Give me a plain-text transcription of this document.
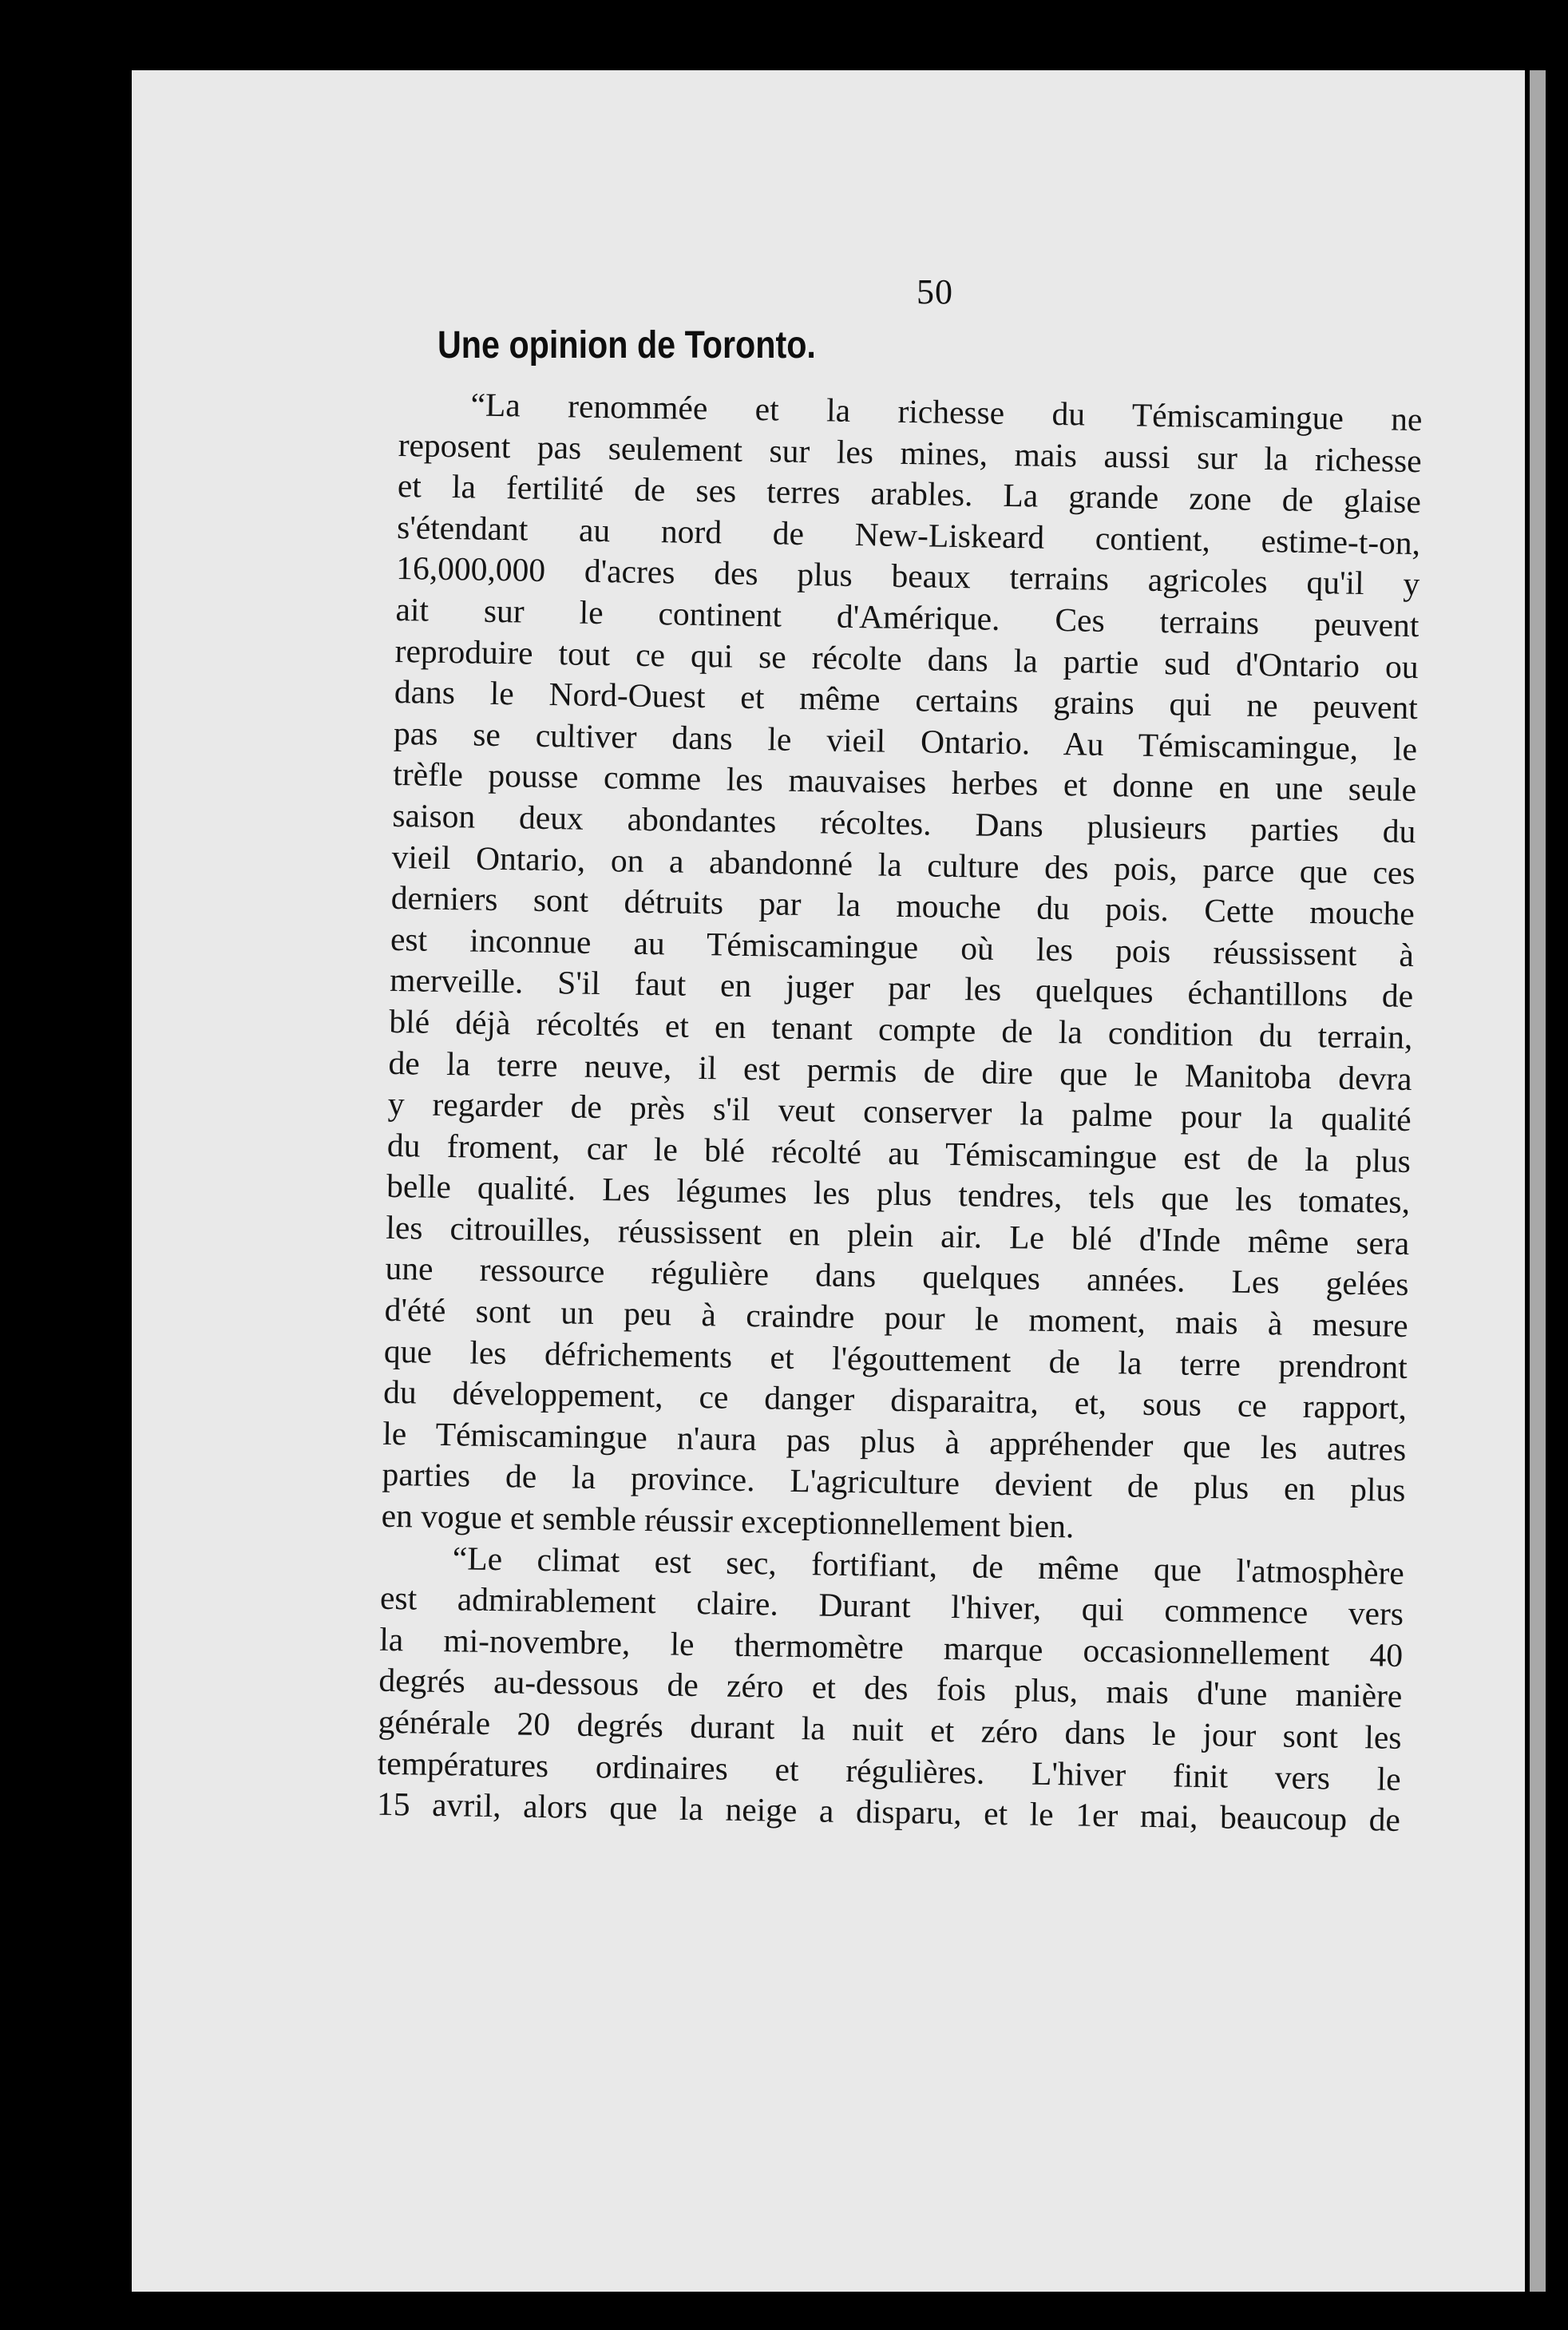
50
Une opinion de Toronto.
“La renommée et la richesse du Témiscamingue ne
reposent pas seulement sur les mines, mais aussi sur la richesse
et la fertilité de ses terres arables. La grande zone de glaise
s'étendant au nord de New-Liskeard contient, estime-t-on,
16,000,000 d'acres des plus beaux terrains agricoles qu'il y
ait sur le continent d'Amérique. Ces terrains peuvent
reproduire tout ce qui se récolte dans la partie sud d'Ontario ou
dans le Nord-Ouest et même certains grains qui ne peuvent
pas se cultiver dans le vieil Ontario. Au Témiscamingue, le
trèfle pousse comme les mauvaises herbes et donne en une seule
saison deux abondantes récoltes. Dans plusieurs parties du
vieil Ontario, on a abandonné la culture des pois, parce que ces
derniers sont détruits par la mouche du pois. Cette mouche
est inconnue au Témiscamingue où les pois réussissent à
merveille. S'il faut en juger par les quelques échantillons de
blé déjà récoltés et en tenant compte de la condition du terrain,
de la terre neuve, il est permis de dire que le Manitoba devra
y regarder de près s'il veut conserver la palme pour la qualité
du froment, car le blé récolté au Témiscamingue est de la plus
belle qualité. Les légumes les plus tendres, tels que les tomates,
les citrouilles, réussissent en plein air. Le blé d'Inde même sera
une ressource régulière dans quelques années. Les gelées
d'été sont un peu à craindre pour le moment, mais à mesure
que les défrichements et l'égouttement de la terre prendront
du développement, ce danger disparaitra, et, sous ce rapport,
le Témiscamingue n'aura pas plus à appréhender que les autres
parties de la province. L'agriculture devient de plus en plus
en vogue et semble réussir exceptionnellement bien.
“Le climat est sec, fortifiant, de même que l'atmosphère
est admirablement claire. Durant l'hiver, qui commence vers
la mi-novembre, le thermomètre marque occasionnellement 40
degrés au-dessous de zéro et des fois plus, mais d'une manière
générale 20 degrés durant la nuit et zéro dans le jour sont les
températures ordinaires et régulières. L'hiver finit vers le
15 avril, alors que la neige a disparu, et le 1er mai, beaucoup de
